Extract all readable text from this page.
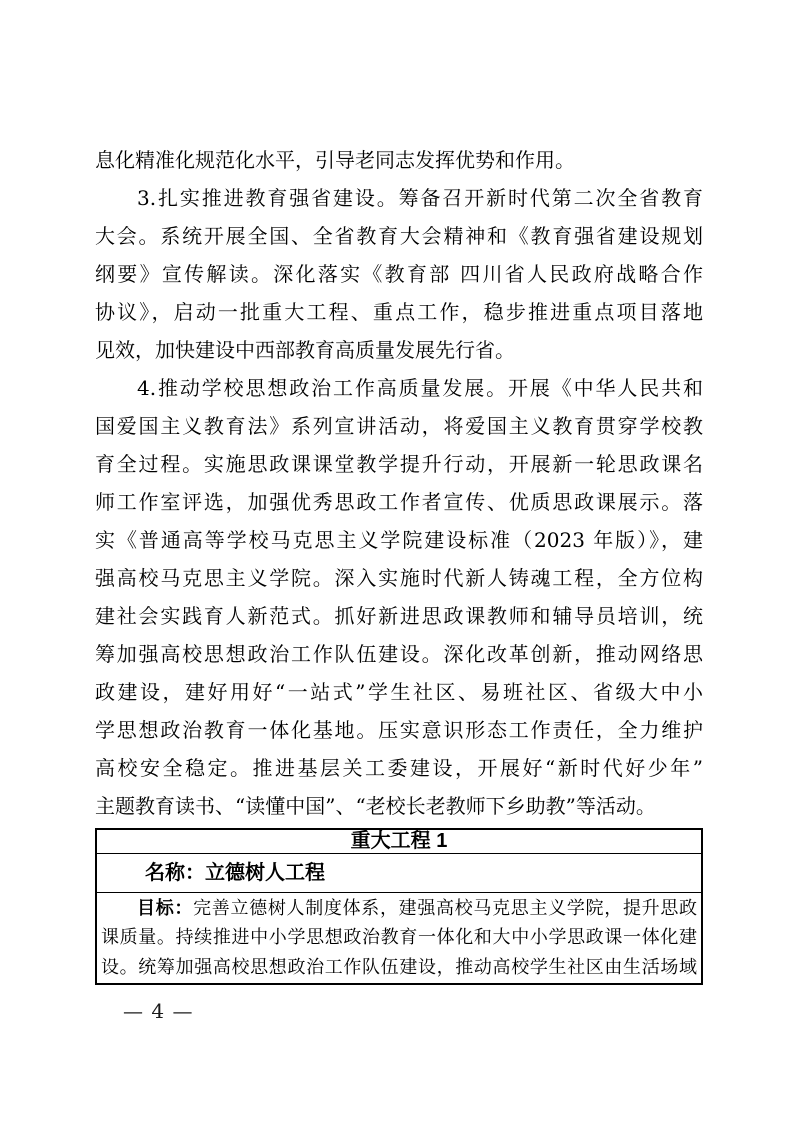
息化精准化规范化水平，引导老同志发挥优势和作用。
3.扎实推进教育强省建设。筹备召开新时代第二次全省教育
大会。系统开展全国、全省教育大会精神和《教育强省建设规划
纲要》宣传解读。深化落实《教育部 四川省人民政府战略合作
协议》，启动一批重大工程、重点工作，稳步推进重点项目落地
见效，加快建设中西部教育高质量发展先行省。
4.推动学校思想政治工作高质量发展。开展《中华人民共和
国爱国主义教育法》系列宣讲活动，将爱国主义教育贯穿学校教
育全过程。实施思政课课堂教学提升行动，开展新一轮思政课名
师工作室评选，加强优秀思政工作者宣传、优质思政课展示。落
实《普通高等学校马克思主义学院建设标准（2023 年版）》，建
强高校马克思主义学院。深入实施时代新人铸魂工程，全方位构
建社会实践育人新范式。抓好新进思政课教师和辅导员培训，统
筹加强高校思想政治工作队伍建设。深化改革创新，推动网络思
政建设，建好用好“一站式”学生社区、易班社区、省级大中小
学思想政治教育一体化基地。压实意识形态工作责任，全力维护
高校安全稳定。推进基层关工委建设，开展好“新时代好少年”
主题教育读书、“读懂中国”、“老校长老教师下乡助教”等活动。
重大工程 1
名称：立德树人工程
目标：完善立德树人制度体系，建强高校马克思主义学院，提升思政
课质量。持续推进中小学思想政治教育一体化和大中小学思政课一体化建
设。统筹加强高校思想政治工作队伍建设，推动高校学生社区由生活场域
— 4 —
